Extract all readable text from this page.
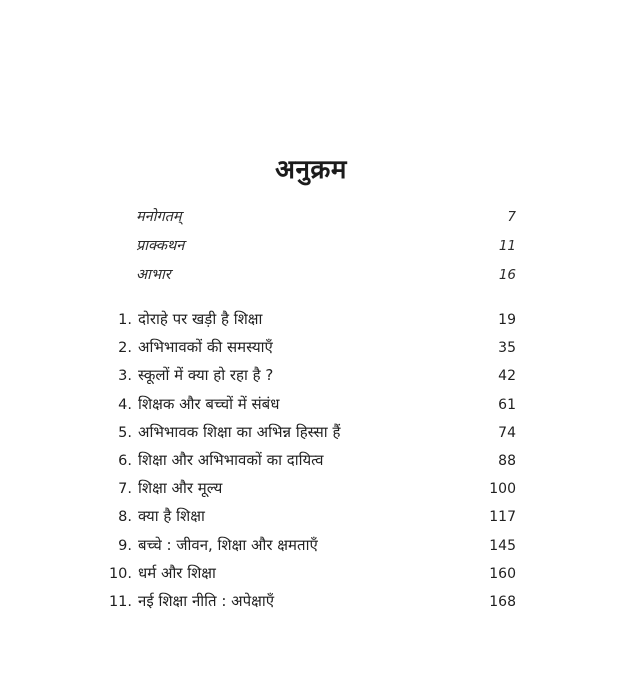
अनुक्रम
मनोगतम्	7
प्राक्कथन	11
आभार	16
1. दोराहे पर खड़ी है शिक्षा	19
2. अभिभावकों की समस्याएँ	35
3. स्कूलों में क्या हो रहा है ?	42
4. शिक्षक और बच्चों में संबंध	61
5. अभिभावक शिक्षा का अभिन्न हिस्सा हैं	74
6. शिक्षा और अभिभावकों का दायित्व	88
7. शिक्षा और मूल्य	100
8. क्या है शिक्षा	117
9. बच्चे : जीवन, शिक्षा और क्षमताएँ	145
10. धर्म और शिक्षा	160
11. नई शिक्षा नीति : अपेक्षाएँ	168
